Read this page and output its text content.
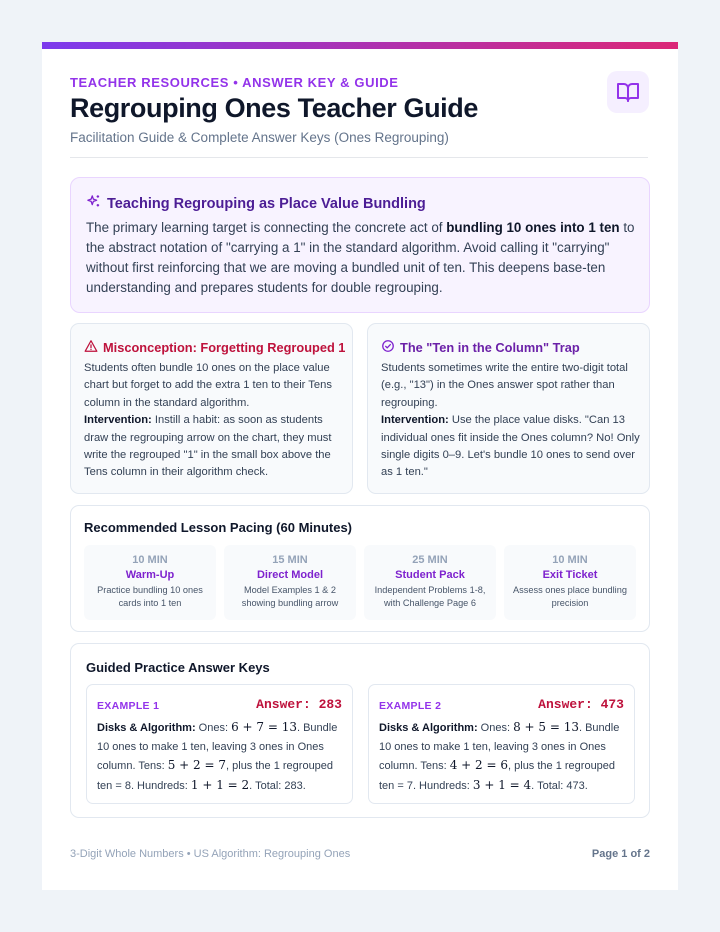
TEACHER RESOURCES • ANSWER KEY & GUIDE
Regrouping Ones Teacher Guide
Facilitation Guide & Complete Answer Keys (Ones Regrouping)
Teaching Regrouping as Place Value Bundling

The primary learning target is connecting the concrete act of bundling 10 ones into 1 ten to the abstract notation of "carrying a 1" in the standard algorithm. Avoid calling it "carrying" without first reinforcing that we are moving a bundled unit of ten. This deepens base-ten understanding and prepares students for double regrouping.

Misconception: Forgetting Regrouped 1

Students often bundle 10 ones on the place value chart but forget to add the extra 1 ten to their Tens column in the standard algorithm.
Intervention: Instill a habit: as soon as students draw the regrouping arrow on the chart, they must write the regrouped "1" in the small box above the Tens column in their algorithm check.

The "Ten in the Column" Trap

Students sometimes write the entire two-digit total (e.g., "13") in the Ones answer spot rather than regrouping.
Intervention: Use the place value disks. "Can 13 individual ones fit inside the Ones column? No! Only single digits 0–9. Let's bundle 10 ones to send over as 1 ten."

Recommended Lesson Pacing (60 Minutes)
10 MIN
Warm-Up
Practice bundling 10 ones cards into 1 ten
15 MIN
Direct Model
Model Examples 1 & 2 showing bundling arrow
25 MIN
Student Pack
Independent Problems 1-8, with Challenge Page 6
10 MIN
Exit Ticket
Assess ones place bundling precision
Guided Practice Answer Keys
EXAMPLE 1	Answer: 283

Disks & Algorithm: Ones: 6 + 7 = 13. Bundle 10 ones to make 1 ten, leaving 3 ones in Ones column. Tens: 5 + 2 = 7, plus the 1 regrouped ten = 8. Hundreds: 1 + 1 = 2. Total: 283.

EXAMPLE 2	Answer: 473

Disks & Algorithm: Ones: 8 + 5 = 13. Bundle 10 ones to make 1 ten, leaving 3 ones in Ones column. Tens: 4 + 2 = 6, plus the 1 regrouped ten = 7. Hundreds: 3 + 1 = 4. Total: 473.

3-Digit Whole Numbers • US Algorithm: Regrouping Ones	Page 1 of 2
